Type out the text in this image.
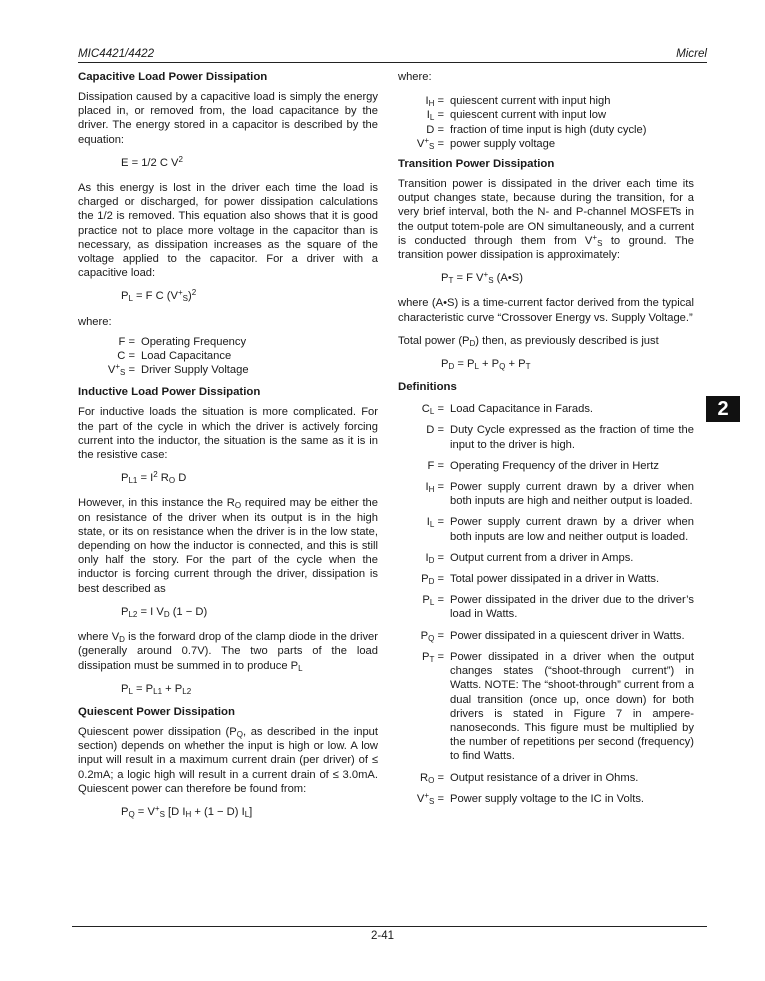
MIC4421/4422	Micrel
Capacitive Load Power Dissipation

Dissipation caused by a capacitive load is simply the energy placed in, or removed from, the load capacitance by the driver. The energy stored in a capacitor is described by the equation:

E = 1/2 C $V^2$

As this energy is lost in the driver each time the load is charged or discharged, for power dissipation calculations the 1/2 is removed. This equation also shows that it is good practice not to place more voltage in the capacitor than is necessary, as dissipation increases as the square of the voltage applied to the capacitor. For a driver with a capacitive load:

$P_L = F$ C $(V^+_S)^2$

where:

F = Operating Frequency
C = Load Capacitance
$V^+_S$ = Driver Supply Voltage
Inductive Load Power Dissipation

For inductive loads the situation is more complicated. For the part of the cycle in which the driver is actively forcing current into the inductor, the situation is the same as it is in the resistive case:

$P_{L1} = I^2$ $R_O$ D

However, in this instance the $R_O$ required may be either the on resistance of the driver when its output is in the high state, or its on resistance when the driver is in the low state, depending on how the inductor is connected, and this is still only half the story. For the part of the cycle when the inductor is forcing current through the driver, dissipation is best described as

$P_{L2} = I$ $V_D$ (1 − D)

where $V_D$ is the forward drop of the clamp diode in the driver (generally around 0.7V). The two parts of the load dissipation must be summed in to produce $P_L$

$P_L = P_{L1} + P_{L2}$
Quiescent Power Dissipation

Quiescent power dissipation ($P_Q$, as described in the input section) depends on whether the input is high or low. A low input will result in a maximum current drain (per driver) of ≤ 0.2mA; a logic high will result in a current drain of ≤ 3.0mA. Quiescent power can therefore be found from:

$P_Q = V^+_S$ [D $I_H + (1 - D)$ $I_L$]

where:

$I_H$ = quiescent current with input high
$I_L$ = quiescent current with input low
D = fraction of time input is high (duty cycle)
$V^+_S$ = power supply voltage
Transition Power Dissipation

Transition power is dissipated in the driver each time its output changes state, because during the transition, for a very brief interval, both the N- and P-channel MOSFETs in the output totem-pole are ON simultaneously, and a current is conducted through them from $V^+_S$ to ground. The transition power dissipation is approximately:

$P_T = F$ $V^+_S$ (A•S)

where (A•S) is a time-current factor derived from the typical characteristic curve “Crossover Energy vs. Supply Voltage.”

Total power $(P_D)$ then, as previously described is just

$P_D = P_L + P_Q + P_T$
Definitions
$C_L$ = Load Capacitance in Farads.
D = Duty Cycle expressed as the fraction of time the input to the driver is high.
F = Operating Frequency of the driver in Hertz
$I_H$ = Power supply current drawn by a driver when both inputs are high and neither output is loaded.
$I_L$ = Power supply current drawn by a driver when both inputs are low and neither output is loaded.
$I_D$ = Output current from a driver in Amps.
$P_D$ = Total power dissipated in a driver in Watts.
$P_L$ = Power dissipated in the driver due to the driver’s load in Watts.
$P_Q$ = Power dissipated in a quiescent driver in Watts.
$P_T$ = Power dissipated in a driver when the output changes states (“shoot-through current”) in Watts. NOTE: The “shoot-through” current from a dual transition (once up, once down) for both drivers is stated in Figure 7 in ampere-nanoseconds. This figure must be multiplied by the number of repetitions per second (frequency) to find Watts.
$R_O$ = Output resistance of a driver in Ohms.
$V^+_S$ = Power supply voltage to the IC in Volts.
2
2-41
